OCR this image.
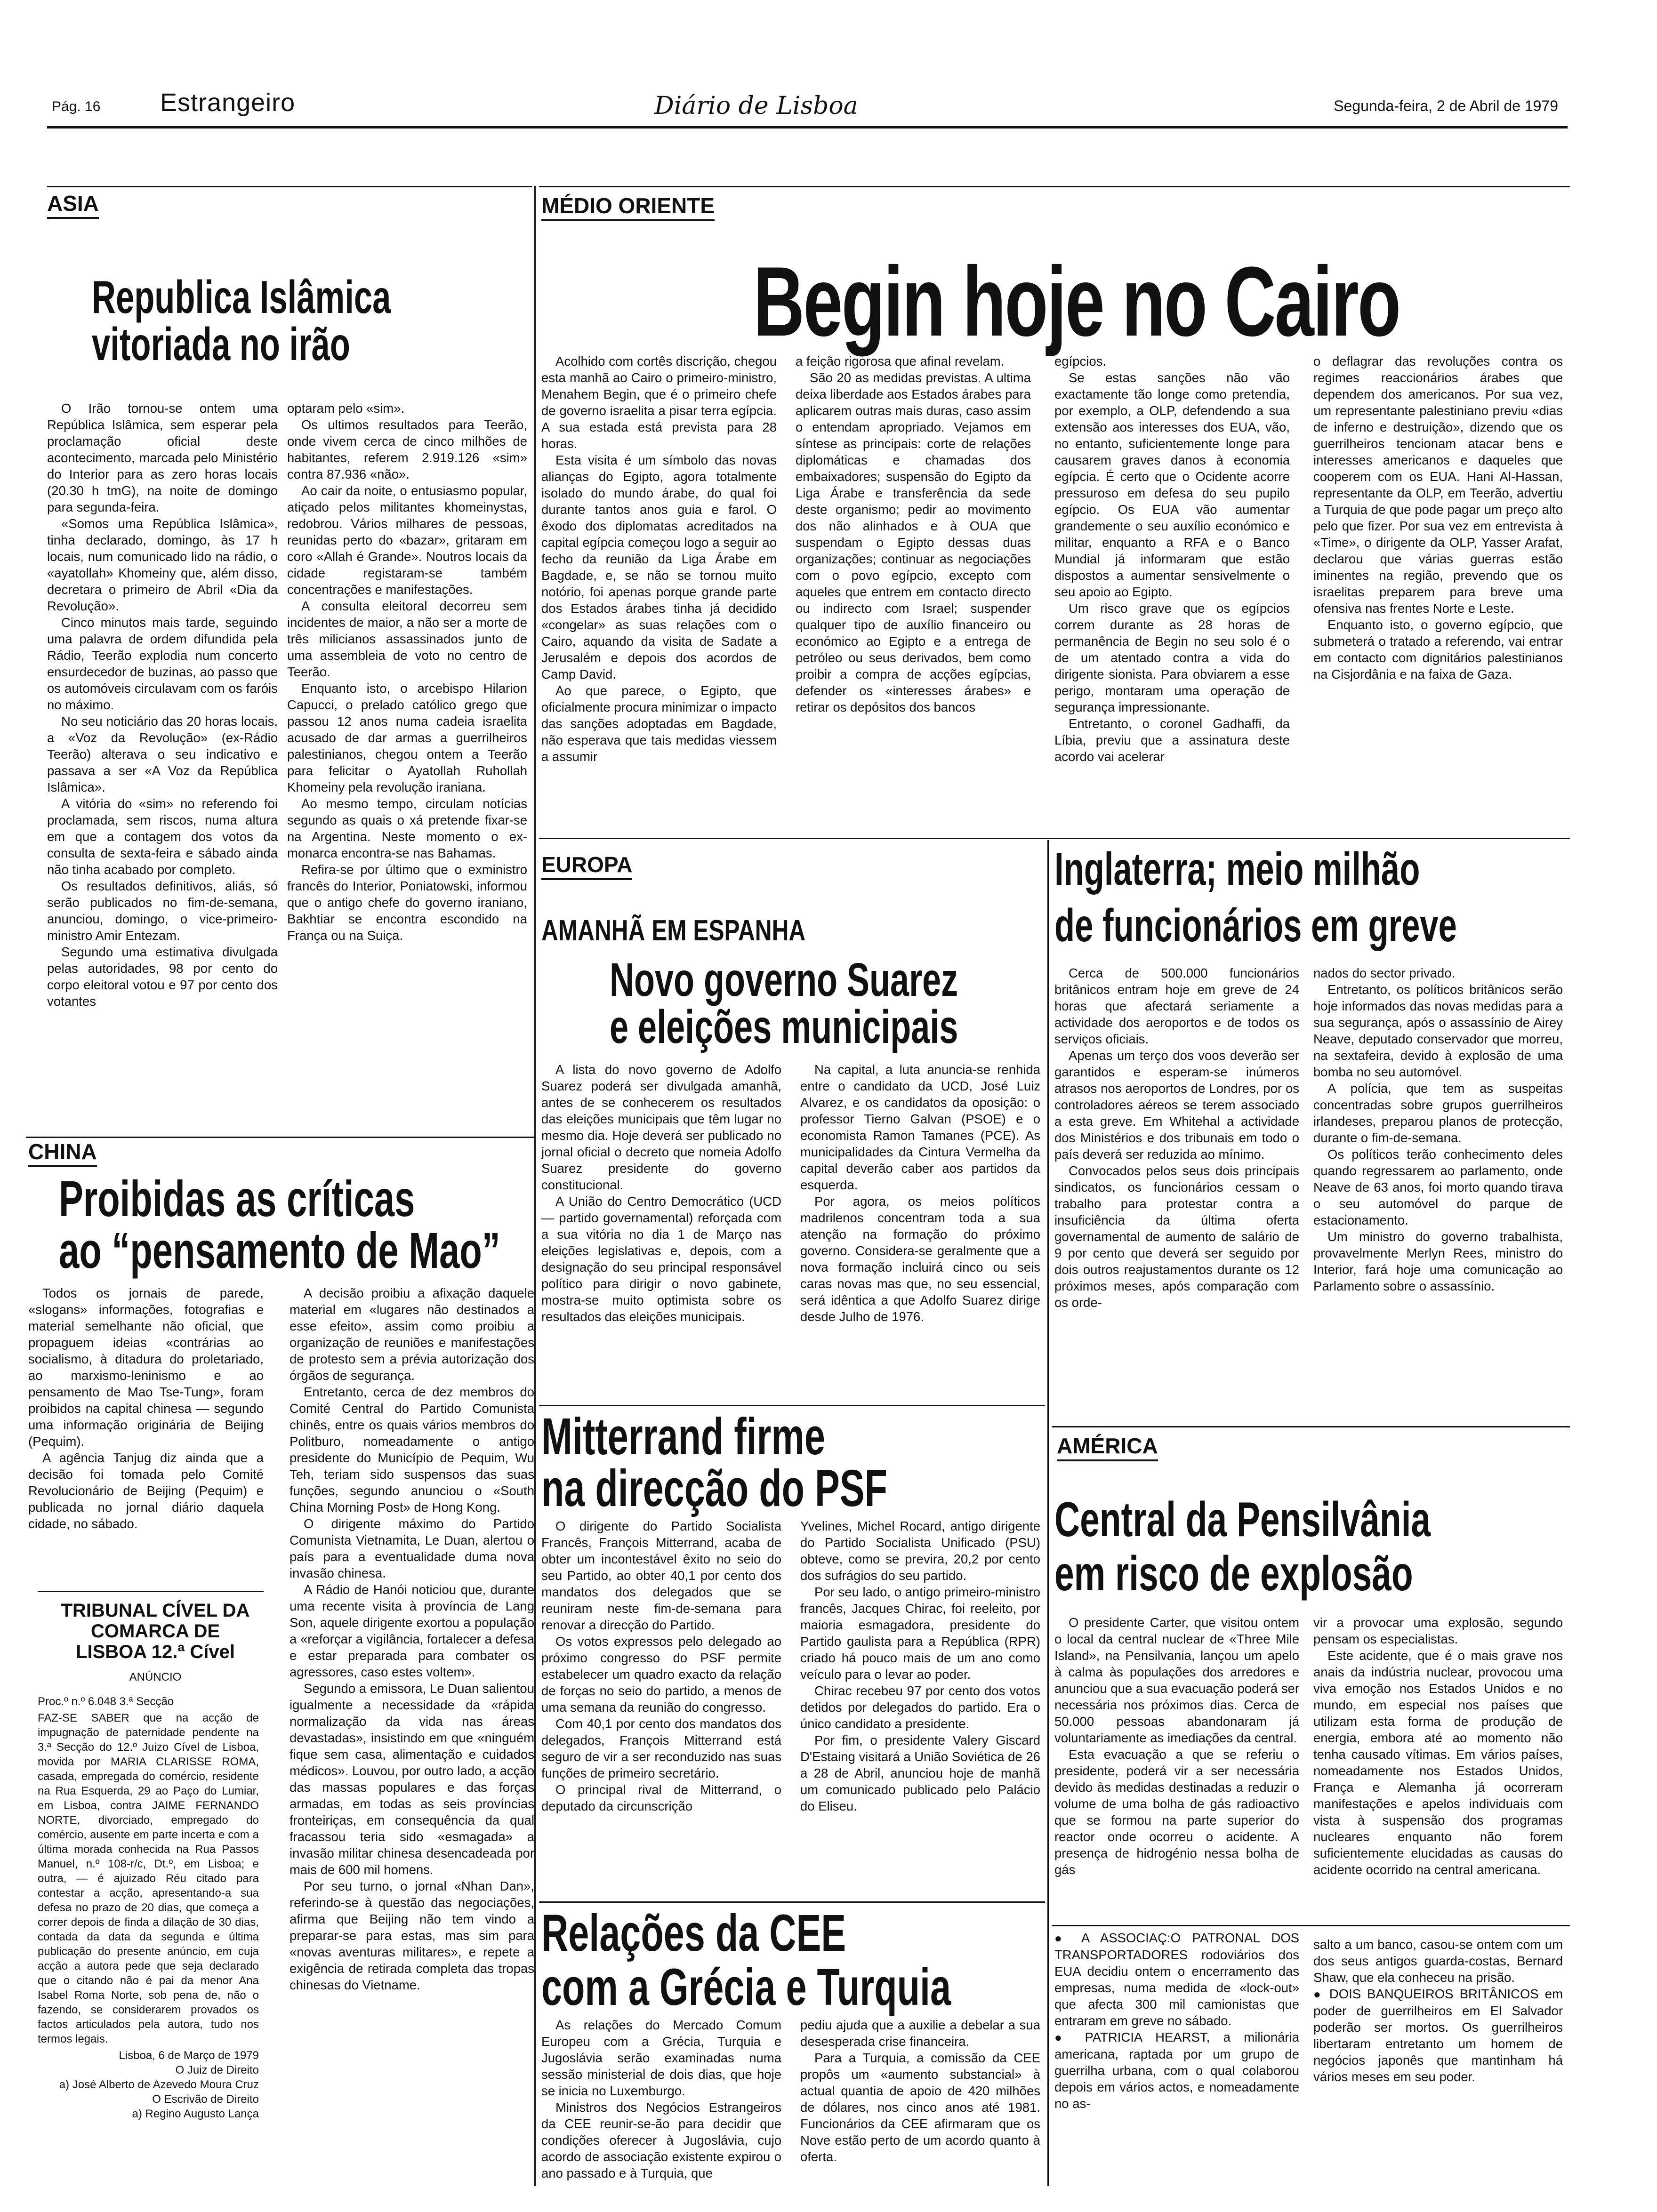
Pág. 16 Estrangeiro	Diário de Lisboa	Segunda-feira, 2 de Abril de 1979
ASIA
Republica Islâmica
vitoriada no irão

O Irão tornou-se ontem uma República Islâmica, sem esperar pela proclamação oficial deste acontecimento, marcada pelo Ministério do Interior para as zero horas locais (20.30 h tmG), na noite de domingo para segunda-feira.

«Somos uma República Islâmica», tinha declarado, domingo, às 17 h locais, num comunicado lido na rádio, o «ayatollah» Khomeiny que, além disso, decretara o primeiro de Abril «Dia da Revolução».

Cinco minutos mais tarde, seguindo uma palavra de ordem difundida pela Rádio, Teerão explodia num concerto ensurdecedor de buzinas, ao passo que os automóveis circulavam com os faróis no máximo.

No seu noticiário das 20 horas locais, a «Voz da Revolução» (ex-Rádio Teerão) alterava o seu indicativo e passava a ser «A Voz da República Islâmica».

A vitória do «sim» no referendo foi proclamada, sem riscos, numa altura em que a contagem dos votos da consulta de sexta-feira e sábado ainda não tinha acabado por completo.

Os resultados definitivos, aliás, só serão publicados no fim-de-semana, anunciou, domingo, o vice-primeiro-ministro Amir Entezam.

Segundo uma estimativa divulgada pelas autoridades, 98 por cento do corpo eleitoral votou e 97 por cento dos votantes

optaram pelo «sim».

Os ultimos resultados para Teerão, onde vivem cerca de cinco milhões de habitantes, referem 2.919.126 «sim» contra 87.936 «não».

Ao cair da noite, o entusiasmo popular, atiçado pelos militantes khomeinystas, redobrou. Vários milhares de pessoas, reunidas perto do «bazar», gritaram em coro «Allah é Grande». Noutros locais da cidade registaram-se também concentrações e manifestações.

A consulta eleitoral decorreu sem incidentes de maior, a não ser a morte de três milicianos assassinados junto de uma assembleia de voto no centro de Teerão.

Enquanto isto, o arcebispo Hilarion Capucci, o prelado católico grego que passou 12 anos numa cadeia israelita acusado de dar armas a guerrilheiros palestinianos, chegou ontem a Teerão para felicitar o Ayatollah Ruhollah Khomeiny pela revolução iraniana.

Ao mesmo tempo, circulam notícias segundo as quais o xá pretende fixar-se na Argentina. Neste momento o ex-monarca encontra-se nas Bahamas.

Refira-se por último que o exministro francês do Interior, Poniatowski, informou que o antigo chefe do governo iraniano, Bakhtiar se encontra escondido na França ou na Suiça.

CHINA
Proibidas as críticas
ao “pensamento de Mao”

Todos os jornais de parede, «slogans» informações, fotografias e material semelhante não oficial, que propaguem ideias «contrárias ao socialismo, à ditadura do proletariado, ao marxismo-leninismo e ao pensamento de Mao Tse-Tung», foram proibidos na capital chinesa — segundo uma informação originária de Beijing (Pequim).

A agência Tanjug diz ainda que a decisão foi tomada pelo Comité Revolucionário de Beijing (Pequim) e publicada no jornal diário daquela cidade, no sábado.

A decisão proibiu a afixação daquele material em «lugares não destinados a esse efeito», assim como proibiu a organização de reuniões e manifestações de protesto sem a prévia autorização dos órgãos de segurança.

Entretanto, cerca de dez membros do Comité Central do Partido Comunista chinês, entre os quais vários membros do Politburo, nomeadamente o antigo presidente do Município de Pequim, Wu Teh, teriam sido suspensos das suas funções, segundo anunciou o «South China Morning Post» de Hong Kong.

O dirigente máximo do Partido Comunista Vietnamita, Le Duan, alertou o país para a eventualidade duma nova invasão chinesa.

A Rádio de Hanói noticiou que, durante uma recente visita à província de Lang Son, aquele dirigente exortou a população a «reforçar a vigilância, fortalecer a defesa e estar preparada para combater os agressores, caso estes voltem».

Segundo a emissora, Le Duan salientou igualmente a necessidade da «rápida normalização da vida nas áreas devastadas», insistindo em que «ninguém fique sem casa, alimentação e cuidados médicos». Louvou, por outro lado, a acção das massas populares e das forças armadas, em todas as seis províncias fronteiriças, em consequência da qual fracassou teria sido «esmagada» a invasão militar chinesa desencadeada por mais de 600 mil homens.

Por seu turno, o jornal «Nhan Dan», referindo-se à questão das negociações, afirma que Beijing não tem vindo a preparar-se para estas, mas sim para «novas aventuras militares», e repete a exigência de retirada completa das tropas chinesas do Vietname.

TRIBUNAL CÍVEL DA COMARCA DE LISBOA 12.ª Cível
ANÚNCIO

Proc.º n.º 6.048 3.ª Secção

FAZ-SE SABER que na acção de impugnação de paternidade pendente na 3.ª Secção do 12.º Juizo Cível de Lisboa, movida por MARIA CLARISSE ROMA, casada, empregada do comércio, residente na Rua Esquerda, 29 ao Paço do Lumiar, em Lisboa, contra JAIME FERNANDO NORTE, divorciado, empregado do comércio, ausente em parte incerta e com a última morada conhecida na Rua Passos Manuel, n.º 108-r/c, Dt.º, em Lisboa; e outra, — é ajuizado Réu citado para contestar a acção, apresentando-a sua defesa no prazo de 20 dias, que começa a correr depois de finda a dilação de 30 dias, contada da data da segunda e última publicação do presente anúncio, em cuja acção a autora pede que seja declarado que o citando não é pai da menor Ana Isabel Roma Norte, sob pena de, não o fazendo, se considerarem provados os factos articulados pela autora, tudo nos termos legais.

Lisboa, 6 de Março de 1979
O Juiz de Direito
a) José Alberto de Azevedo Moura Cruz
O Escrivão de Direito
a) Regino Augusto Lança
MÉDIO ORIENTE
Begin hoje no Cairo

Acolhido com cortês discrição, chegou esta manhã ao Cairo o primeiro-ministro, Menahem Begin, que é o primeiro chefe de governo israelita a pisar terra egípcia. A sua estada está prevista para 28 horas.

Esta visita é um símbolo das novas alianças do Egipto, agora totalmente isolado do mundo árabe, do qual foi durante tantos anos guia e farol. O êxodo dos diplomatas acreditados na capital egípcia começou logo a seguir ao fecho da reunião da Liga Árabe em Bagdade, e, se não se tornou muito notório, foi apenas porque grande parte dos Estados árabes tinha já decidido «congelar» as suas relações com o Cairo, aquando da visita de Sadate a Jerusalém e depois dos acordos de Camp David.

Ao que parece, o Egipto, que oficialmente procura minimizar o impacto das sanções adoptadas em Bagdade, não esperava que tais medidas viessem a assumir

a feição rigorosa que afinal revelam.

São 20 as medidas previstas. A ultima deixa liberdade aos Estados árabes para aplicarem outras mais duras, caso assim o entendam apropriado. Vejamos em síntese as principais: corte de relações diplomáticas e chamadas dos embaixadores; suspensão do Egipto da Liga Árabe e transferência da sede deste organismo; pedir ao movimento dos não alinhados e à OUA que suspendam o Egipto dessas duas organizações; continuar as negociações com o povo egípcio, excepto com aqueles que entrem em contacto directo ou indirecto com Israel; suspender qualquer tipo de auxílio financeiro ou económico ao Egipto e a entrega de petróleo ou seus derivados, bem como proibir a compra de acções egípcias, defender os «interesses árabes» e retirar os depósitos dos bancos

egípcios.

Se estas sanções não vão exactamente tão longe como pretendia, por exemplo, a OLP, defendendo a sua extensão aos interesses dos EUA, vão, no entanto, suficientemente longe para causarem graves danos à economia egípcia. É certo que o Ocidente acorre pressuroso em defesa do seu pupilo egípcio. Os EUA vão aumentar grandemente o seu auxílio económico e militar, enquanto a RFA e o Banco Mundial já informaram que estão dispostos a aumentar sensivelmente o seu apoio ao Egipto.

Um risco grave que os egípcios correm durante as 28 horas de permanência de Begin no seu solo é o de um atentado contra a vida do dirigente sionista. Para obviarem a esse perigo, montaram uma operação de segurança impressionante.

Entretanto, o coronel Gadhaffi, da Líbia, previu que a assinatura deste acordo vai acelerar

o deflagrar das revoluções contra os regimes reaccionários árabes que dependem dos americanos. Por sua vez, um representante palestiniano previu «dias de inferno e destruição», dizendo que os guerrilheiros tencionam atacar bens e interesses americanos e daqueles que cooperem com os EUA. Hani Al-Hassan, representante da OLP, em Teerão, advertiu a Turquia de que pode pagar um preço alto pelo que fizer. Por sua vez em entrevista à «Time», o dirigente da OLP, Yasser Arafat, declarou que várias guerras estão iminentes na região, prevendo que os israelitas preparem para breve uma ofensiva nas frentes Norte e Leste.

Enquanto isto, o governo egípcio, que submeterá o tratado a referendo, vai entrar em contacto com dignitários palestinianos na Cisjordânia e na faixa de Gaza.

EUROPA
AMANHÃ EM ESPANHA
Novo governo Suarez
e eleições municipais

A lista do novo governo de Adolfo Suarez poderá ser divulgada amanhã, antes de se conhecerem os resultados das eleições municipais que têm lugar no mesmo dia. Hoje deverá ser publicado no jornal oficial o decreto que nomeia Adolfo Suarez presidente do governo constitucional.

A União do Centro Democrático (UCD — partido governamental) reforçada com a sua vitória no dia 1 de Março nas eleições legislativas e, depois, com a designação do seu principal responsável político para dirigir o novo gabinete, mostra-se muito optimista sobre os resultados das eleições municipais.

Na capital, a luta anuncia-se renhida entre o candidato da UCD, José Luiz Alvarez, e os candidatos da oposição: o professor Tierno Galvan (PSOE) e o economista Ramon Tamanes (PCE). As municipalidades da Cintura Vermelha da capital deverão caber aos partidos da esquerda.

Por agora, os meios políticos madrilenos concentram toda a sua atenção na formação do próximo governo. Considera-se geralmente que a nova formação incluirá cinco ou seis caras novas mas que, no seu essencial, será idêntica a que Adolfo Suarez dirige desde Julho de 1976.

Mitterrand firme
na direcção do PSF

O dirigente do Partido Socialista Francês, François Mitterrand, acaba de obter um incontestável êxito no seio do seu Partido, ao obter 40,1 por cento dos mandatos dos delegados que se reuniram neste fim-de-semana para renovar a direcção do Partido.

Os votos expressos pelo delegado ao próximo congresso do PSF permite estabelecer um quadro exacto da relação de forças no seio do partido, a menos de uma semana da reunião do congresso.

Com 40,1 por cento dos mandatos dos delegados, François Mitterrand está seguro de vir a ser reconduzido nas suas funções de primeiro secretário.

O principal rival de Mitterrand, o deputado da circunscrição

Yvelines, Michel Rocard, antigo dirigente do Partido Socialista Unificado (PSU) obteve, como se previra, 20,2 por cento dos sufrágios do seu partido.

Por seu lado, o antigo primeiro-ministro francês, Jacques Chirac, foi reeleito, por maioria esmagadora, presidente do Partido gaulista para a República (RPR) criado há pouco mais de um ano como veículo para o levar ao poder.

Chirac recebeu 97 por cento dos votos detidos por delegados do partido. Era o único candidato a presidente.

Por fim, o presidente Valery Giscard D'Estaing visitará a União Soviética de 26 a 28 de Abril, anunciou hoje de manhã um comunicado publicado pelo Palácio do Eliseu.

Relações da CEE
com a Grécia e Turquia

As relações do Mercado Comum Europeu com a Grécia, Turquia e Jugoslávia serão examinadas numa sessão ministerial de dois dias, que hoje se inicia no Luxemburgo.

Ministros dos Negócios Estrangeiros da CEE reunir-se-ão para decidir que condições oferecer à Jugoslávia, cujo acordo de associação existente expirou o ano passado e à Turquia, que

pediu ajuda que a auxilie a debelar a sua desesperada crise financeira.

Para a Turquia, a comissão da CEE propôs um «aumento substancial» à actual quantia de apoio de 420 milhões de dólares, nos cinco anos até 1981. Funcionários da CEE afirmaram que os Nove estão perto de um acordo quanto à oferta.

Inglaterra; meio milhão
de funcionários em greve

Cerca de 500.000 funcionários britânicos entram hoje em greve de 24 horas que afectará seriamente a actividade dos aeroportos e de todos os serviços oficiais.

Apenas um terço dos voos deverão ser garantidos e esperam-se inúmeros atrasos nos aeroportos de Londres, por os controladores aéreos se terem associado a esta greve. Em Whitehal a actividade dos Ministérios e dos tribunais em todo o país deverá ser reduzida ao mínimo.

Convocados pelos seus dois principais sindicatos, os funcionários cessam o trabalho para protestar contra a insuficiência da última oferta governamental de aumento de salário de 9 por cento que deverá ser seguido por dois outros reajustamentos durante os 12 próximos meses, após comparação com os orde-

nados do sector privado.

Entretanto, os políticos britânicos serão hoje informados das novas medidas para a sua segurança, após o assassínio de Airey Neave, deputado conservador que morreu, na sextafeira, devido à explosão de uma bomba no seu automóvel.

A polícia, que tem as suspeitas concentradas sobre grupos guerrilheiros irlandeses, preparou planos de protecção, durante o fim-de-semana.

Os políticos terão conhecimento deles quando regressarem ao parlamento, onde Neave de 63 anos, foi morto quando tirava o seu automóvel do parque de estacionamento.

Um ministro do governo trabalhista, provavelmente Merlyn Rees, ministro do Interior, fará hoje uma comunicação ao Parlamento sobre o assassínio.

AMÉRICA
Central da Pensilvânia
em risco de explosão

O presidente Carter, que visitou ontem o local da central nuclear de «Three Mile Island», na Pensilvania, lançou um apelo à calma às populações dos arredores e anunciou que a sua evacuação poderá ser necessária nos próximos dias. Cerca de 50.000 pessoas abandonaram já voluntariamente as imediações da central.

Esta evacuação a que se referiu o presidente, poderá vir a ser necessária devido às medidas destinadas a reduzir o volume de uma bolha de gás radioactivo que se formou na parte superior do reactor onde ocorreu o acidente. A presença de hidrogénio nessa bolha de gás

vir a provocar uma explosão, segundo pensam os especialistas.

Este acidente, que é o mais grave nos anais da indústria nuclear, provocou uma viva emoção nos Estados Unidos e no mundo, em especial nos países que utilizam esta forma de produção de energia, embora até ao momento não tenha causado vítimas. Em vários países, nomeadamente nos Estados Unidos, França e Alemanha já ocorreram manifestações e apelos individuais com vista à suspensão dos programas nucleares enquanto não forem suficientemente elucidadas as causas do acidente ocorrido na central americana.

● A ASSOCIAÇ:O PATRONAL DOS TRANSPORTADORES rodoviários dos EUA decidiu ontem o encerramento das empresas, numa medida de «lock-out» que afecta 300 mil camionistas que entraram em greve no sábado.

● PATRICIA HEARST, a milionária americana, raptada por um grupo de guerrilha urbana, com o qual colaborou depois em vários actos, e nomeadamente no as-

salto a um banco, casou-se ontem com um dos seus antigos guarda-costas, Bernard Shaw, que ela conheceu na prisão.

● DOIS BANQUEIROS BRITÂNICOS em poder de guerrilheiros em El Salvador poderão ser mortos. Os guerrilheiros libertaram entretanto um homem de negócios japonês que mantinham há vários meses em seu poder.
